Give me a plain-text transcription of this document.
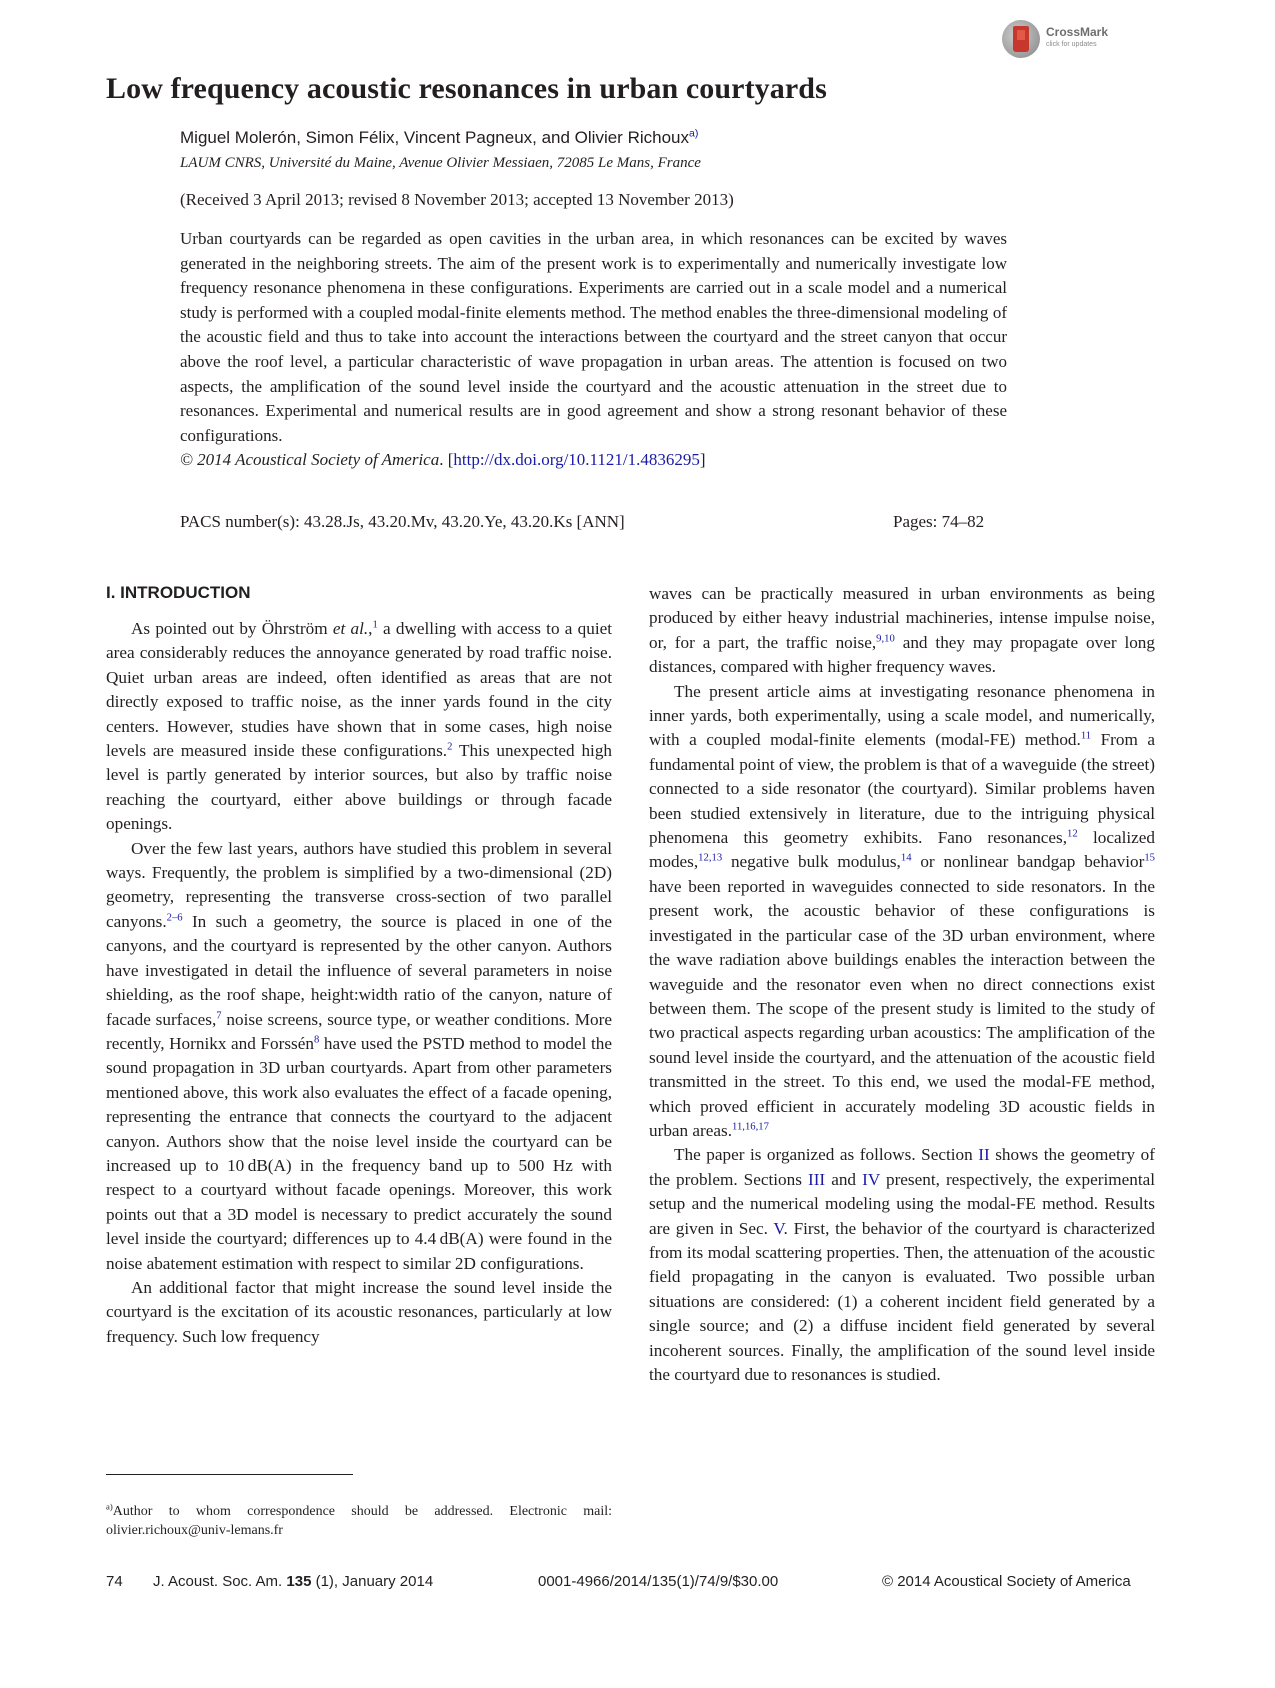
CrossMark
click for updates
Low frequency acoustic resonances in urban courtyards
Miguel Molerón, Simon Félix, Vincent Pagneux, and Olivier Richoux$^{a)}$
LAUM CNRS, Université du Maine, Avenue Olivier Messiaen, 72085 Le Mans, France
(Received 3 April 2013; revised 8 November 2013; accepted 13 November 2013)

Urban courtyards can be regarded as open cavities in the urban area, in which resonances can be excited by waves generated in the neighboring streets. The aim of the present work is to experimentally and numerically investigate low frequency resonance phenomena in these configurations. Experiments are carried out in a scale model and a numerical study is performed with a coupled modal-finite elements method. The method enables the three-dimensional modeling of the acoustic field and thus to take into account the interactions between the courtyard and the street canyon that occur above the roof level, a particular characteristic of wave propagation in urban areas. The attention is focused on two aspects, the amplification of the sound level inside the courtyard and the acoustic attenuation in the street due to resonances. Experimental and numerical results are in good agreement and show a strong resonant behavior of these configurations.

© 2014 Acoustical Society of America. [http://dx.doi.org/10.1121/1.4836295]
PACS number(s): 43.28.Js, 43.20.Mv, 43.20.Ye, 43.20.Ks [ANN]	Pages: 74–82
I. INTRODUCTION

As pointed out by Öhrström et al.,$^1$ a dwelling with access to a quiet area considerably reduces the annoyance generated by road traffic noise. Quiet urban areas are indeed, often identified as areas that are not directly exposed to traffic noise, as the inner yards found in the city centers. However, studies have shown that in some cases, high noise levels are measured inside these configurations.$^2$ This unexpected high level is partly generated by interior sources, but also by traffic noise reaching the courtyard, either above buildings or through facade openings.

Over the few last years, authors have studied this problem in several ways. Frequently, the problem is simplified by a two-dimensional (2D) geometry, representing the transverse cross-section of two parallel canyons.$^{2-6}$ In such a geometry, the source is placed in one of the canyons, and the courtyard is represented by the other canyon. Authors have investigated in detail the influence of several parameters in noise shielding, as the roof shape, height:width ratio of the canyon, nature of facade surfaces,$^7$ noise screens, source type, or weather conditions. More recently, Hornikx and Forssén$^8$ have used the PSTD method to model the sound propagation in 3D urban courtyards. Apart from other parameters mentioned above, this work also evaluates the effect of a facade opening, representing the entrance that connects the courtyard to the adjacent canyon. Authors show that the noise level inside the courtyard can be increased up to 10 dB(A) in the frequency band up to 500 Hz with respect to a courtyard without facade openings. Moreover, this work points out that a 3D model is necessary to predict accurately the sound level inside the courtyard; differences up to 4.4 dB(A) were found in the noise abatement estimation with respect to similar 2D configurations.

An additional factor that might increase the sound level inside the courtyard is the excitation of its acoustic resonances, particularly at low frequency. Such low frequency

waves can be practically measured in urban environments as being produced by either heavy industrial machineries, intense impulse noise, or, for a part, the traffic noise,$^{9,10}$ and they may propagate over long distances, compared with higher frequency waves.

The present article aims at investigating resonance phenomena in inner yards, both experimentally, using a scale model, and numerically, with a coupled modal-finite elements (modal-FE) method.$^{11}$ From a fundamental point of view, the problem is that of a waveguide (the street) connected to a side resonator (the courtyard). Similar problems haven been studied extensively in literature, due to the intriguing physical phenomena this geometry exhibits. Fano resonances,$^{12}$ localized modes,$^{12,13}$ negative bulk modulus,$^{14}$ or nonlinear bandgap behavior$^{15}$ have been reported in waveguides connected to side resonators. In the present work, the acoustic behavior of these configurations is investigated in the particular case of the 3D urban environment, where the wave radiation above buildings enables the interaction between the waveguide and the resonator even when no direct connections exist between them. The scope of the present study is limited to the study of two practical aspects regarding urban acoustics: The amplification of the sound level inside the courtyard, and the attenuation of the acoustic field transmitted in the street. To this end, we used the modal-FE method, which proved efficient in accurately modeling 3D acoustic fields in urban areas.$^{11,16,17}$

The paper is organized as follows. Section II shows the geometry of the problem. Sections III and IV present, respectively, the experimental setup and the numerical modeling using the modal-FE method. Results are given in Sec. V. First, the behavior of the courtyard is characterized from its modal scattering properties. Then, the attenuation of the acoustic field propagating in the canyon is evaluated. Two possible urban situations are considered: (1) a coherent incident field generated by a single source; and (2) a diffuse incident field generated by several incoherent sources. Finally, the amplification of the sound level inside the courtyard due to resonances is studied.

$^{a)}$Author to whom correspondence should be addressed. Electronic mail: olivier.richoux@univ-lemans.fr
74 J. Acoust. Soc. Am. 135 (1), January 2014	0001-4966/2014/135(1)/74/9/$30.00	© 2014 Acoustical Society of America
